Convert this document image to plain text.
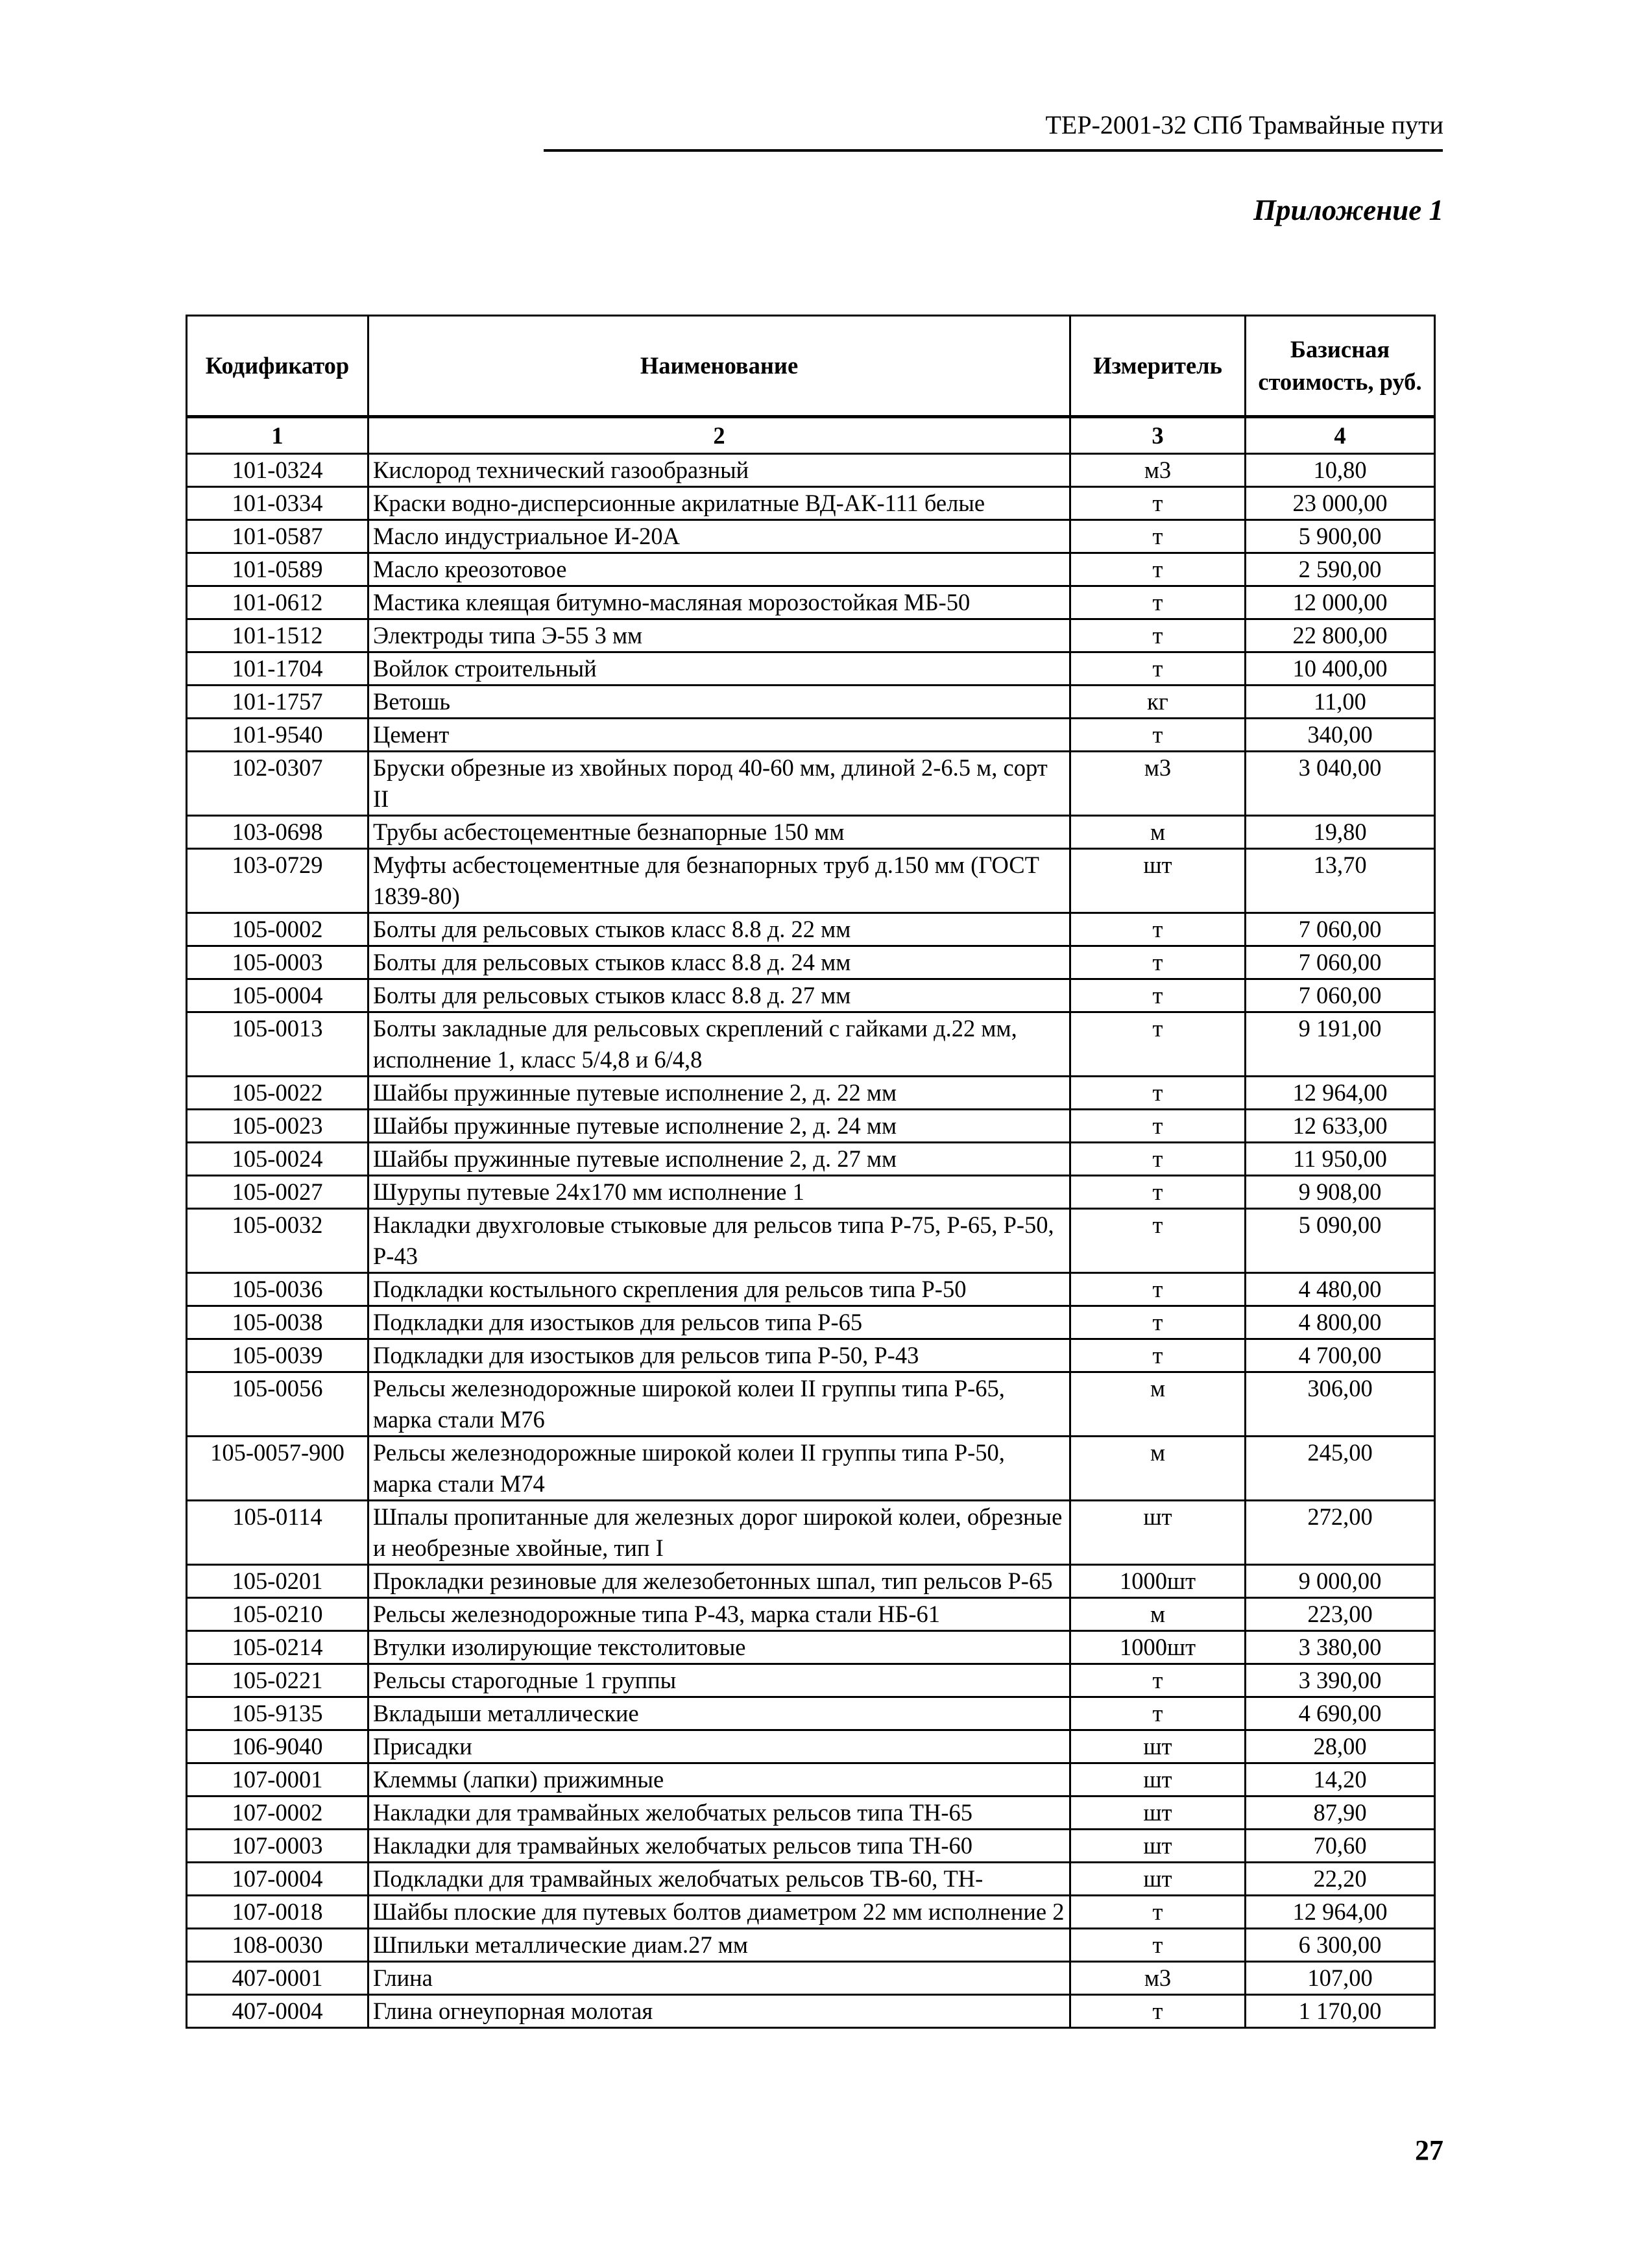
ТЕР-2001-32 СПб Трамвайные пути
Приложение 1
Кодификатор	Наименование	Измеритель	Базисная стоимость, руб.
1	2	3	4
101-0324	Кислород технический газообразный	м3	10,80
101-0334	Краски водно-дисперсионные акрилатные ВД-АК-111 белые	т	23 000,00
101-0587	Масло индустриальное И-20А	т	5 900,00
101-0589	Масло креозотовое	т	2 590,00
101-0612	Мастика клеящая битумно-масляная морозостойкая МБ-50	т	12 000,00
101-1512	Электроды типа Э-55 3 мм	т	22 800,00
101-1704	Войлок строительный	т	10 400,00
101-1757	Ветошь	кг	11,00
101-9540	Цемент	т	340,00
102-0307	Бруски обрезные из хвойных пород 40-60 мм, длиной 2-6.5 м, сорт II	м3	3 040,00
103-0698	Трубы асбестоцементные безнапорные 150 мм	м	19,80
103-0729	Муфты асбестоцементные для безнапорных труб д.150 мм (ГОСТ 1839-80)	шт	13,70
105-0002	Болты для рельсовых стыков класс 8.8 д. 22 мм	т	7 060,00
105-0003	Болты для рельсовых стыков класс 8.8 д. 24 мм	т	7 060,00
105-0004	Болты для рельсовых стыков класс 8.8 д. 27 мм	т	7 060,00
105-0013	Болты закладные для рельсовых скреплений с гайками д.22 мм, исполнение 1, класс 5/4,8 и 6/4,8	т	9 191,00
105-0022	Шайбы пружинные путевые исполнение 2, д. 22 мм	т	12 964,00
105-0023	Шайбы пружинные путевые исполнение 2, д. 24 мм	т	12 633,00
105-0024	Шайбы пружинные путевые исполнение 2, д. 27 мм	т	11 950,00
105-0027	Шурупы путевые 24х170 мм исполнение 1	т	9 908,00
105-0032	Накладки двухголовые стыковые для рельсов типа Р-75, Р-65, Р-50, Р-43	т	5 090,00
105-0036	Подкладки костыльного скрепления для рельсов типа Р-50	т	4 480,00
105-0038	Подкладки для изостыков для рельсов типа Р-65	т	4 800,00
105-0039	Подкладки для изостыков для рельсов типа Р-50, Р-43	т	4 700,00
105-0056	Рельсы железнодорожные широкой колеи II группы типа Р-65, марка стали М76	м	306,00
105-0057-900	Рельсы железнодорожные широкой колеи II группы типа Р-50, марка стали М74	м	245,00
105-0114	Шпалы пропитанные для железных дорог широкой колеи, обрезные и необрезные хвойные, тип I	шт	272,00
105-0201	Прокладки резиновые для железобетонных шпал, тип рельсов Р-65	1000шт	9 000,00
105-0210	Рельсы железнодорожные типа Р-43, марка стали НБ-61	м	223,00
105-0214	Втулки изолирующие текстолитовые	1000шт	3 380,00
105-0221	Рельсы старогодные 1 группы	т	3 390,00
105-9135	Вкладыши металлические	т	4 690,00
106-9040	Присадки	шт	28,00
107-0001	Клеммы (лапки) прижимные	шт	14,20
107-0002	Накладки для трамвайных желобчатых рельсов типа ТН-65	шт	87,90
107-0003	Накладки для трамвайных желобчатых рельсов типа ТН-60	шт	70,60
107-0004	Подкладки для трамвайных желобчатых рельсов ТВ-60, ТН-	шт	22,20
107-0018	Шайбы плоские для путевых болтов диаметром 22 мм исполнение 2	т	12 964,00
108-0030	Шпильки металлические диам.27 мм	т	6 300,00
407-0001	Глина	м3	107,00
407-0004	Глина огнеупорная молотая	т	1 170,00
27
